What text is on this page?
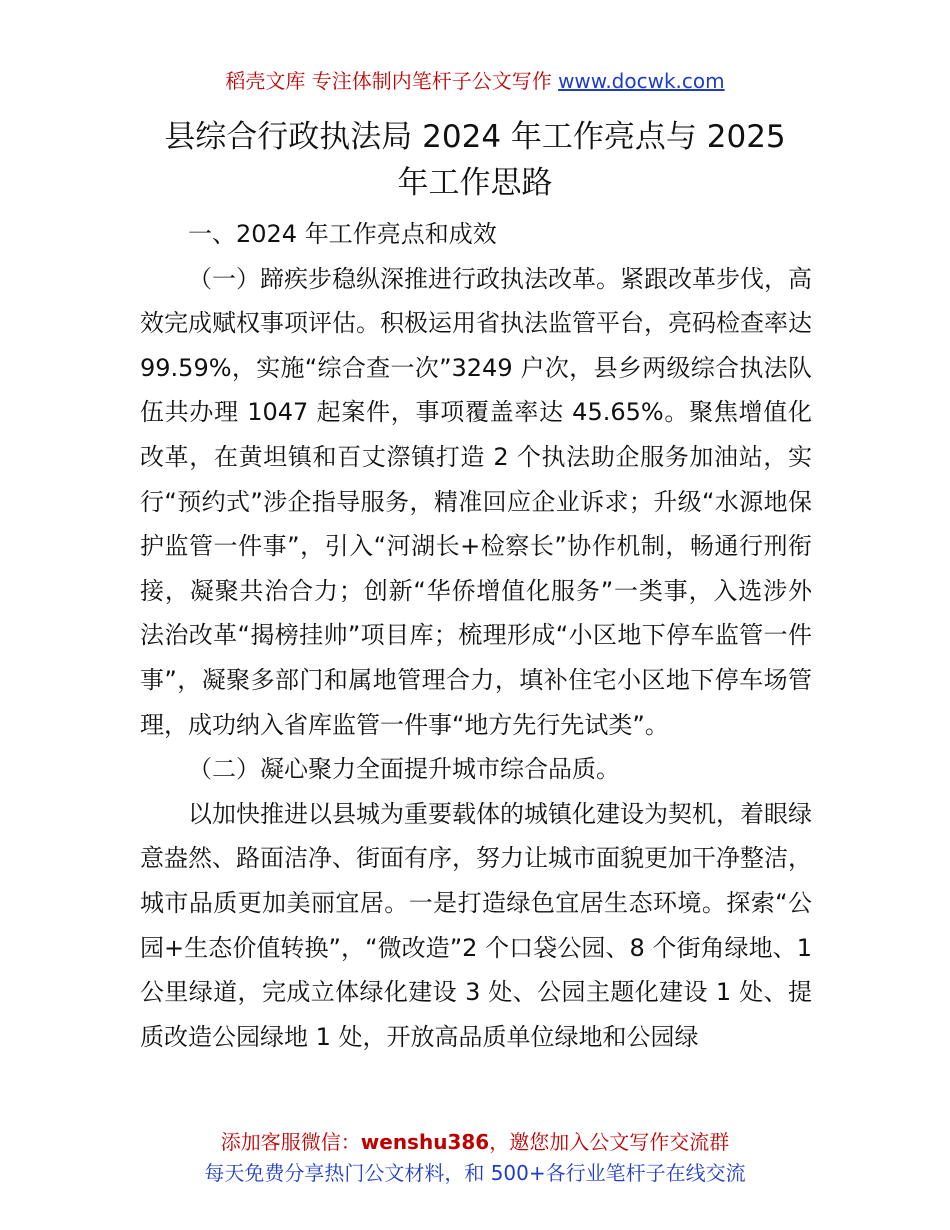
稻壳文库 专注体制内笔杆子公文写作 www.docwk.com
县综合行政执法局 2024 年工作亮点与 2025
年工作思路

一、2024 年工作亮点和成效

（一）蹄疾步稳纵深推进行政执法改革。紧跟改革步伐，高效完成赋权事项评估。积极运用省执法监管平台，亮码检查率达 99.59%，实施“综合查一次”3249 户次，县乡两级综合执法队伍共办理 1047 起案件，事项覆盖率达 45.65%。聚焦增值化改革，在黄坦镇和百丈漈镇打造 2 个执法助企服务加油站，实行“预约式”涉企指导服务，精准回应企业诉求；升级“水源地保护监管一件事”，引入“河湖长+检察长”协作机制，畅通行刑衔接，凝聚共治合力；创新“华侨增值化服务”一类事，入选涉外法治改革“揭榜挂帅”项目库；梳理形成“小区地下停车监管一件事”，凝聚多部门和属地管理合力，填补住宅小区地下停车场管理，成功纳入省库监管一件事“地方先行先试类”。

（二）凝心聚力全面提升城市综合品质。

以加快推进以县城为重要载体的城镇化建设为契机，着眼绿意盎然、路面洁净、街面有序，努力让城市面貌更加干净整洁，城市品质更加美丽宜居。一是打造绿色宜居生态环境。探索“公园+生态价值转换”，“微改造”2 个口袋公园、8 个街角绿地、1 公里绿道，完成立体绿化建设 3 处、公园主题化建设 1 处、提质改造公园绿地 1 处，开放高品质单位绿地和公园绿

添加客服微信：wenshu386，邀您加入公文写作交流群
每天免费分享热门公文材料，和 500+各行业笔杆子在线交流
